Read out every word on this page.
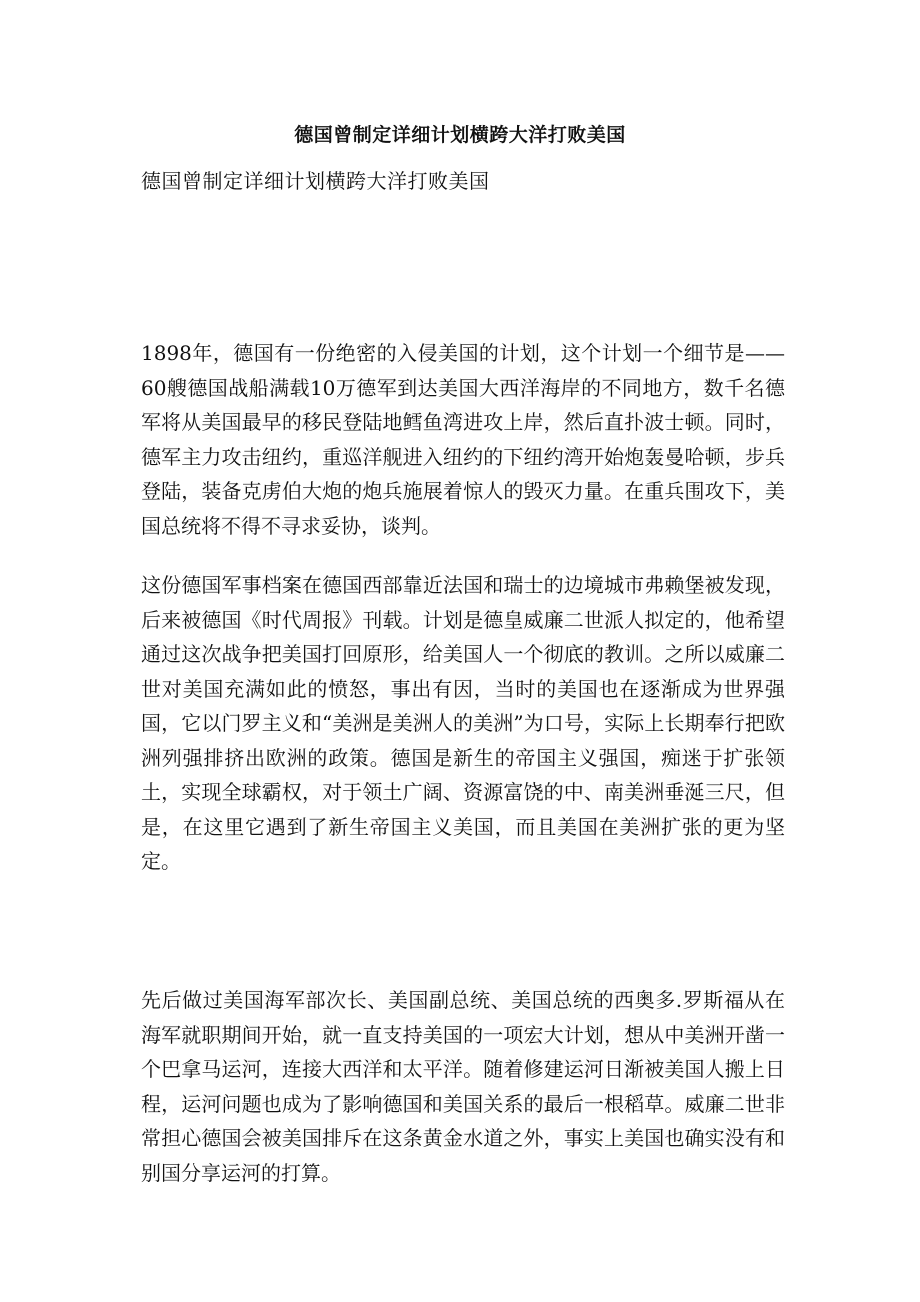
德国曾制定详细计划横跨大洋打败美国
德国曾制定详细计划横跨大洋打败美国

1898年，德国有一份绝密的入侵美国的计划，这个计划一个细节是——60艘德国战船满载10万德军到达美国大西洋海岸的不同地方，数千名德军将从美国最早的移民登陆地鳕鱼湾进攻上岸，然后直扑波士顿。同时，德军主力攻击纽约，重巡洋舰进入纽约的下纽约湾开始炮轰曼哈顿，步兵登陆，装备克虏伯大炮的炮兵施展着惊人的毁灭力量。在重兵围攻下，美国总统将不得不寻求妥协，谈判。

这份德国军事档案在德国西部靠近法国和瑞士的边境城市弗赖堡被发现，后来被德国《时代周报》刊载。计划是德皇威廉二世派人拟定的，他希望通过这次战争把美国打回原形，给美国人一个彻底的教训。之所以威廉二世对美国充满如此的愤怒，事出有因，当时的美国也在逐渐成为世界强国，它以门罗主义和“美洲是美洲人的美洲”为口号，实际上长期奉行把欧洲列强排挤出欧洲的政策。德国是新生的帝国主义强国，痴迷于扩张领土，实现全球霸权，对于领土广阔、资源富饶的中、南美洲垂涎三尺，但是，在这里它遇到了新生帝国主义美国，而且美国在美洲扩张的更为坚定。

先后做过美国海军部次长、美国副总统、美国总统的西奥多.罗斯福从在海军就职期间开始，就一直支持美国的一项宏大计划，想从中美洲开凿一个巴拿马运河，连接大西洋和太平洋。随着修建运河日渐被美国人搬上日程，运河问题也成为了影响德国和美国关系的最后一根稻草。威廉二世非常担心德国会被美国排斥在这条黄金水道之外，事实上美国也确实没有和别国分享运河的打算。
